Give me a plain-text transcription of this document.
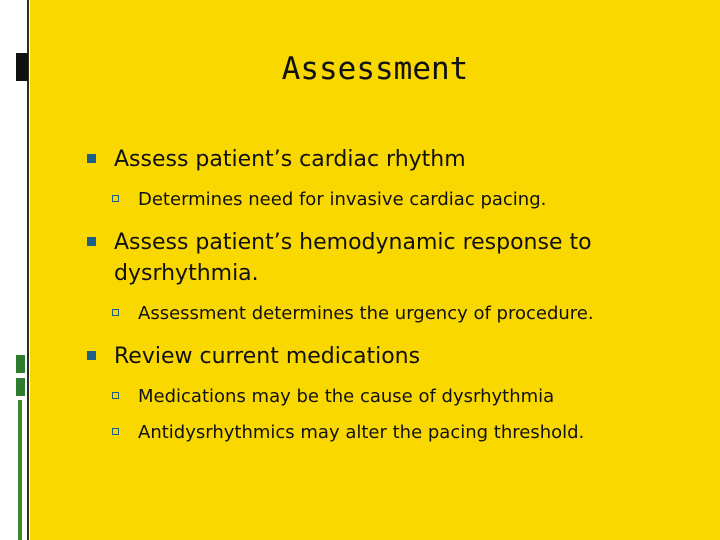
Assessment
Assess patient’s cardiac rhythm
Determines need for invasive cardiac pacing.
Assess patient’s hemodynamic response to dysrhythmia.
Assessment determines the urgency of procedure.
Review current medications
Medications may be the cause of dysrhythmia
Antidysrhythmics may alter the pacing threshold.
